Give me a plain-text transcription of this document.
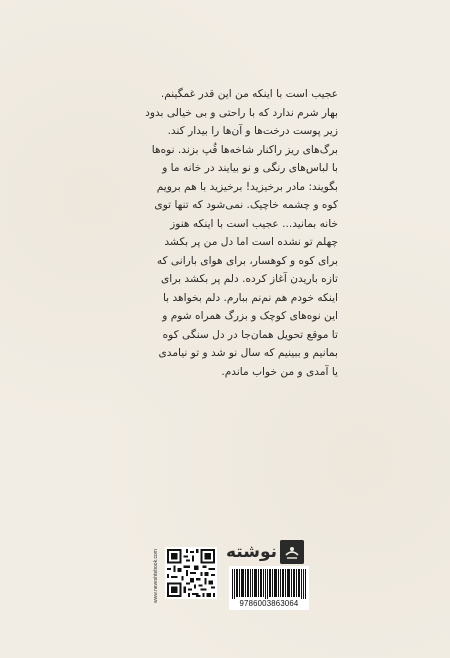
عجیب است با اینکه من این قدر غمگینم.
بهار شرم ندارد که با راحتی و بی خیالی بدود
زیر پوست درخت‌ها و آن‌ها را بیدار کند.
برگ‌های ریز راکنار شاخه‌ها قُپ بزند. نوه‌ها
با لباس‌های رنگی و نو بیایند در خانه ما و
بگویند: مادر برخیزید! برخیزید با هم برویم
کوه و چشمه خاچیک. نمی‌شود که تنها توی
خانه بمانید... عجیب است با اینکه هنوز
چهلم تو نشده است اما دل من پر بکشد
برای کوه و کوهسار، برای هوای بارانی که
تازه باریدن آغاز کرده. دلم پر بکشد برای
اینکه خودم هم نم‌نم ببارم. دلم بخواهد با
این نوه‌های کوچک و بزرگ همراه شوم و
تا موقع تحویل همان‌جا در دل سنگی کوه
بمانیم و ببینیم که سال نو شد و تو نیامدی
یا آمدی و من خواب ماندم.
www.nevesht​ebook.com	نوشته
9786003863064
